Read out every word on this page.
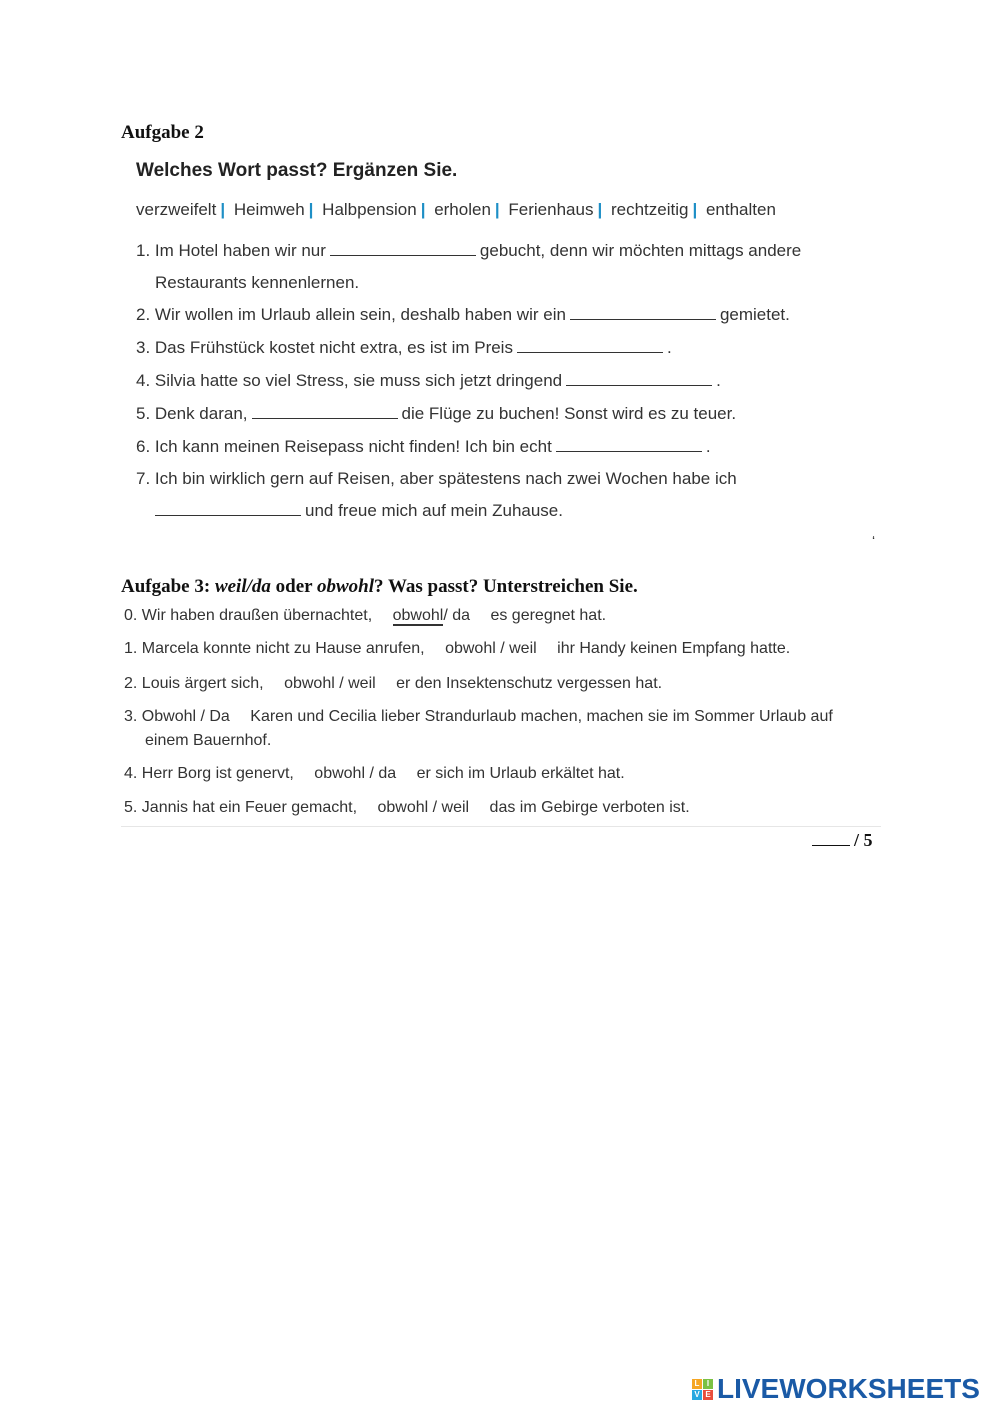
Aufgabe 2
Welches Wort passt? Ergänzen Sie.
verzweifelt | Heimweh | Halbpension | erholen | Ferienhaus | rechtzeitig | enthalten
1. Im Hotel haben wir nur	gebucht, denn wir möchten mittags andere
Restaurants kennenlernen.
2. Wir wollen im Urlaub allein sein, deshalb haben wir ein	gemietet.
3. Das Frühstück kostet nicht extra, es ist im Preis	.
4. Silvia hatte so viel Stress, sie muss sich jetzt dringend	.
5. Denk daran,	die Flüge zu buchen! Sonst wird es zu teuer.
6. Ich kann meinen Reisepass nicht finden! Ich bin echt	.
7. Ich bin wirklich gern auf Reisen, aber spätestens nach zwei Wochen habe ich
und freue mich auf mein Zuhause.
ʻ
Aufgabe 3: weil/da oder obwohl? Was passt? Unterstreichen Sie.
0. Wir haben draußen übernachtet, obwohl/ da es geregnet hat.
1. Marcela konnte nicht zu Hause anrufen, obwohl / weil ihr Handy keinen Empfang hatte.
2. Louis ärgert sich, obwohl / weil er den Insektenschutz vergessen hat.
3. Obwohl / Da Karen und Cecilia lieber Strandurlaub machen, machen sie im Sommer Urlaub auf
einem Bauernhof.
4. Herr Borg ist genervt, obwohl / da er sich im Urlaub erkältet hat.
5. Jannis hat ein Feuer gemacht, obwohl / weil das im Gebirge verboten ist.
/ 5
L I
V E LIVEWORKSHEETS
